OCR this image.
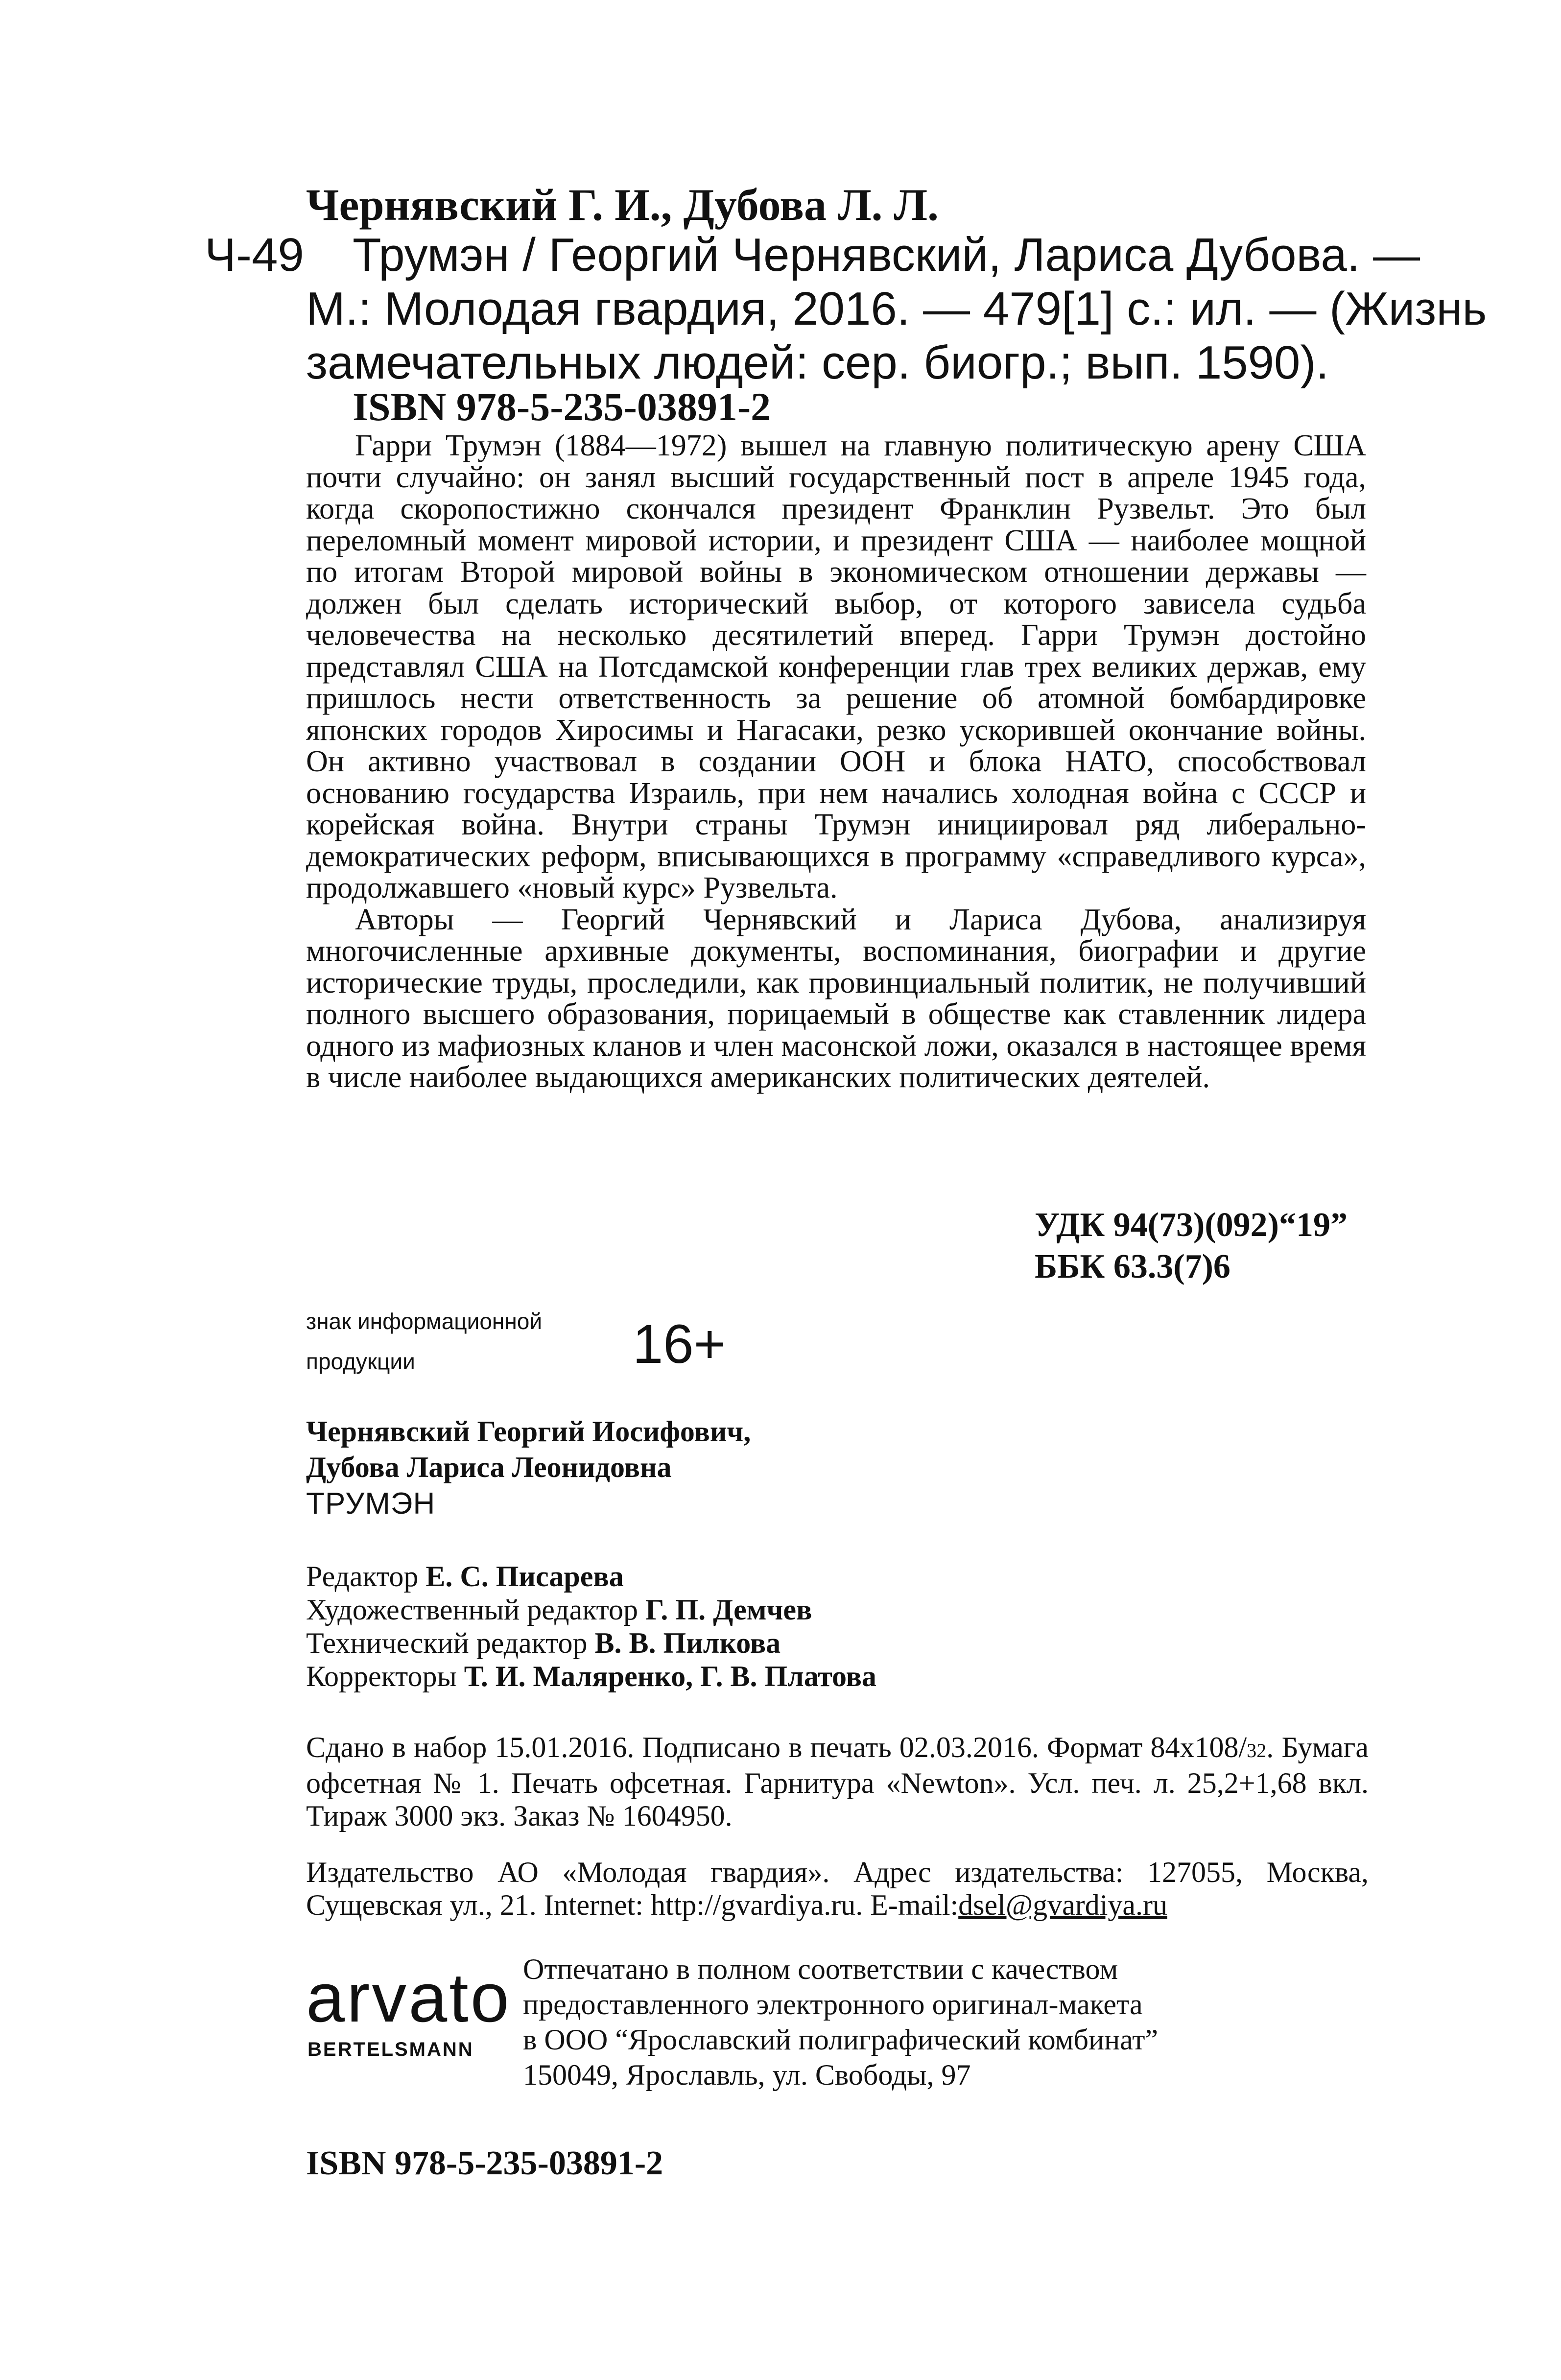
Чернявский Г. И., Дубова Л. Л.
Ч-49	Трумэн / Георгий Чернявский, Лариса Дубова. —
М.: Молодая гвардия, 2016. — 479[1] с.: ил. — (Жизнь
замечательных людей: сер. биогр.; вып. 1590).
ISBN 978-5-235-03891-2

Гарри Трумэн (1884—1972) вышел на главную политическую арену США почти случайно: он занял высший государственный пост в апреле 1945 года, когда скоропостижно скончался президент Франклин Рузвельт. Это был переломный момент мировой истории, и президент США — наиболее мощной по итогам Второй мировой войны в экономическом отношении державы — должен был сделать исторический выбор, от которого зависела судьба человечества на несколько десятилетий вперед. Гарри Трумэн достойно представлял США на Потсдамской конференции глав трех великих держав, ему пришлось нести ответственность за решение об атомной бомбардировке японских городов Хиросимы и Нагасаки, резко ускорившей окончание войны. Он активно участвовал в создании ООН и блока НАТО, способствовал основанию государства Израиль, при нем начались холодная война с СССР и корейская война. Внутри страны Трумэн инициировал ряд либерально-демократических реформ, вписывающихся в программу «справедливого курса», продолжавшего «новый курс» Рузвельта.

Авторы — Георгий Чернявский и Лариса Дубова, анализируя многочисленные архивные документы, воспоминания, биографии и другие исторические труды, проследили, как провинциальный политик, не получивший полного высшего образования, порицаемый в обществе как ставленник лидера одного из мафиозных кланов и член масонской ложи, оказался в настоящее время в числе наиболее выдающихся американских политических деятелей.

УДК 94(73)(092)“19”
ББК 63.3(7)6
знак информационной
продукции	16+
Чернявский Георгий Иосифович,
Дубова Лариса Леонидовна
ТРУМЭН
Редактор Е. С. Писарева
Художественный редактор Г. П. Демчев
Технический редактор В. В. Пилкова
Корректоры Т. И. Маляренко, Г. В. Платова

Сдано в набор 15.01.2016. Подписано в печать 02.03.2016. Формат 84x108/32. Бумага офсетная № 1. Печать офсетная. Гарнитура «Newton». Усл. печ. л. 25,2+1,68 вкл. Тираж 3000 экз. Заказ № 1604950.

Издательство АО «Молодая гвардия». Адрес издательства: 127055, Москва, Сущевская ул., 21. Internet: http://gvardiya.ru. E-mail:dsel@gvardiya.ru

arvato
BERTELSMANN
Отпечатано в полном соответствии с качеством
предоставленного электронного оригинал-макета
в ООО “Ярославский полиграфический комбинат”
150049, Ярославль, ул. Свободы, 97
ISBN 978-5-235-03891-2
